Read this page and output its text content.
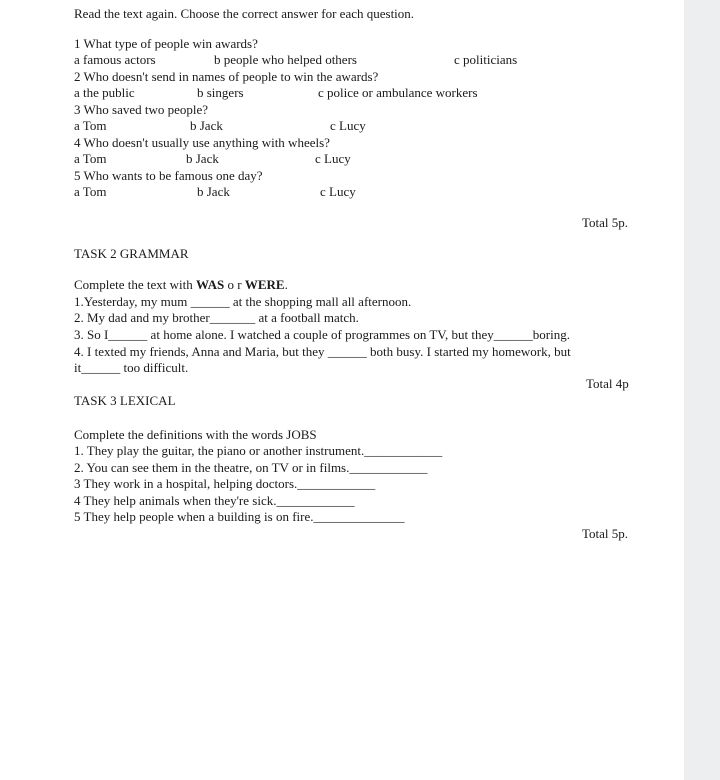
Read the text again. Choose the correct answer for each question.
1 What type of people win awards?
a famous actors	b people who helped others	c politicians
2 Who doesn't send in names of people to win the awards?
a the public	b singers	c police or ambulance workers
3 Who saved two people?
a Tom	b Jack	c Lucy
4 Who doesn't usually use anything with wheels?
a Tom	b Jack	c Lucy
5 Who wants to be famous one day?
a Tom	b Jack	c Lucy
Total 5p.
TASK 2 GRAMMAR
Complete the text with WAS o r WERE.
1.Yesterday, my mum ______ at the shopping mall all afternoon.
2. My dad and my brother_______ at a football match.
3. So I______ at home alone. I watched a couple of programmes on TV, but they______boring.
4. I texted my friends, Anna and Maria, but they ______ both busy. I started my homework, but
it______ too difficult.
Total 4p
TASK 3 LEXICAL
Complete the definitions with the words JOBS
1. They play the guitar, the piano or another instrument.____________
2. You can see them in the theatre, on TV or in films.____________
3 They work in a hospital, helping doctors.____________
4 They help animals when they're sick.____________
5 They help people when a building is on fire.______________
Total 5p.
